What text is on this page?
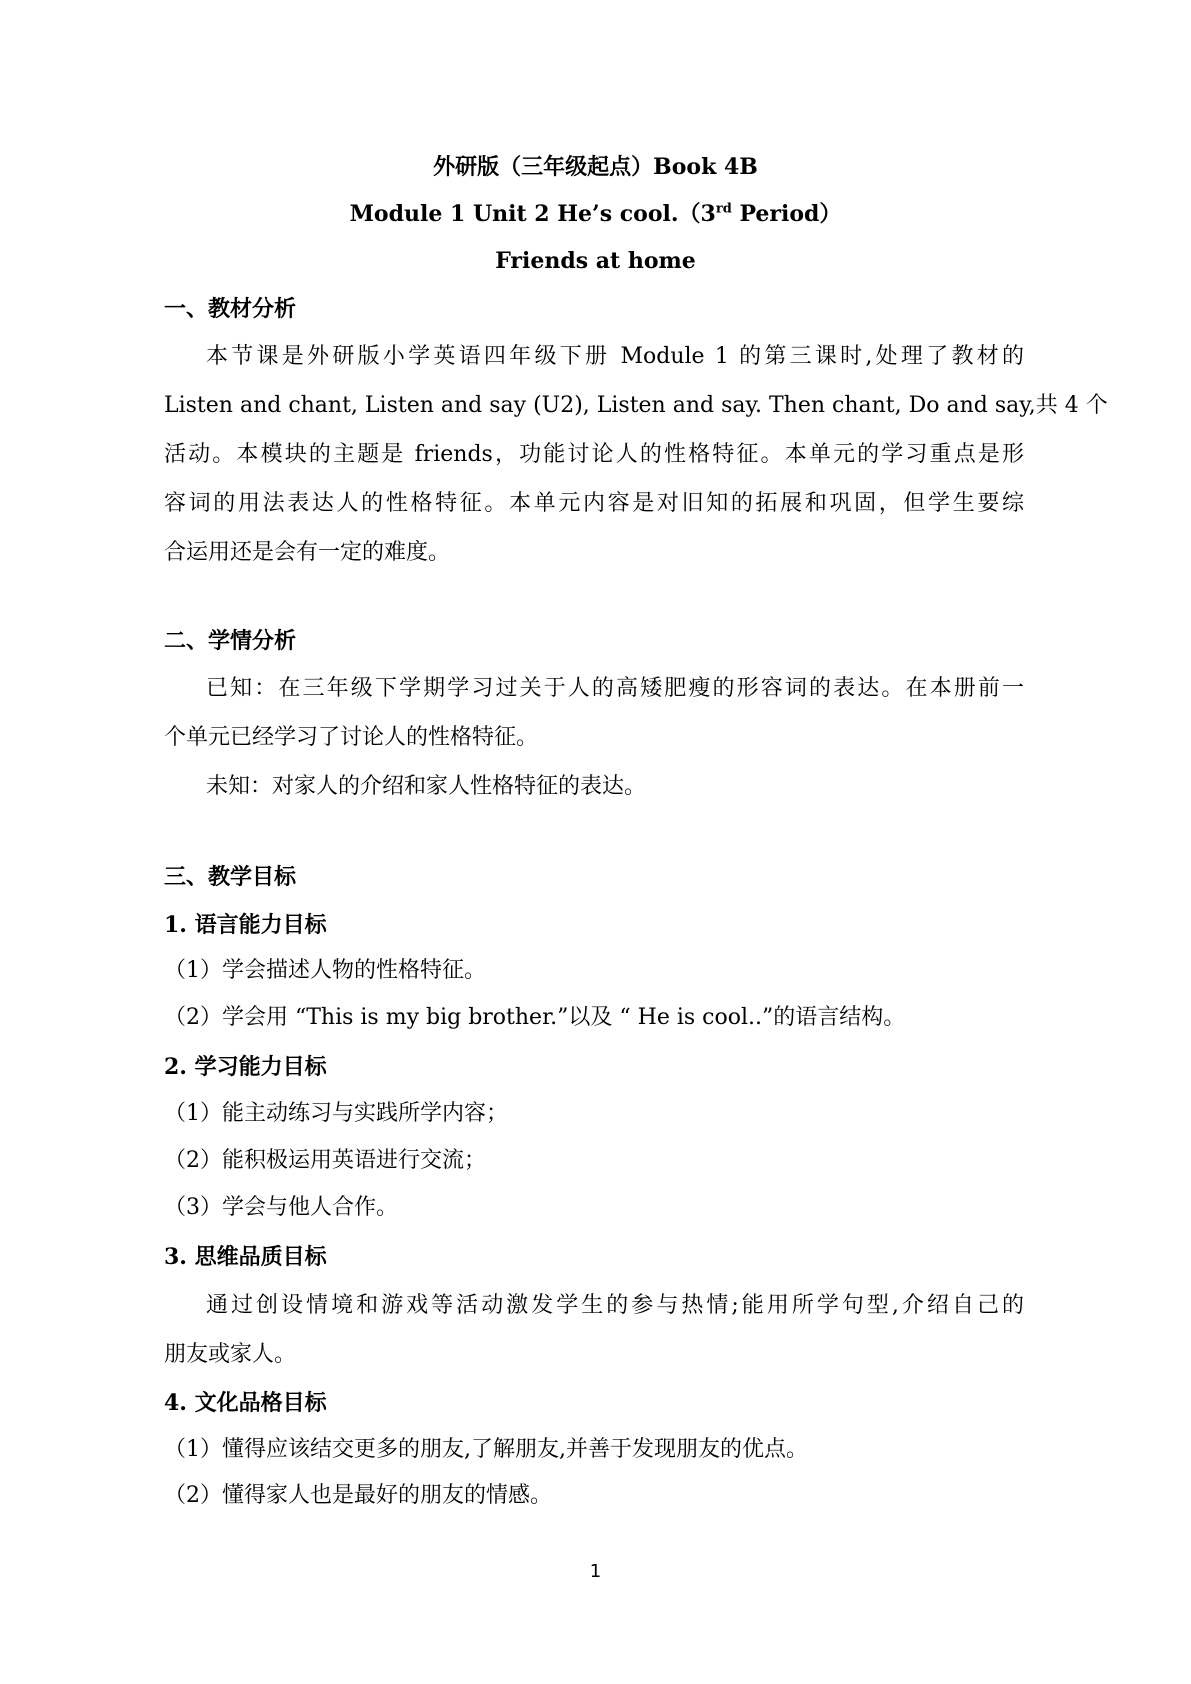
外研版（三年级起点）Book 4B
Module 1 Unit 2 He’s cool.（3rd Period）
Friends at home
一、教材分析
本节课是外研版小学英语四年级下册 Module 1 的第三课时,处理了教材的
Listen and chant, Listen and say (U2), Listen and say. Then chant, Do and say,共 4 个
活动。本模块的主题是 friends，功能讨论人的性格特征。本单元的学习重点是形
容词的用法表达人的性格特征。本单元内容是对旧知的拓展和巩固，但学生要综
合运用还是会有一定的难度。
二、学情分析
已知：在三年级下学期学习过关于人的高矮肥瘦的形容词的表达。在本册前一
个单元已经学习了讨论人的性格特征。
未知：对家人的介绍和家人性格特征的表达。
三、教学目标
1. 语言能力目标
（1）学会描述人物的性格特征。
（2）学会用 “This is my big brother.”以及 “ He is cool..”的语言结构。
2. 学习能力目标
（1）能主动练习与实践所学内容；
（2）能积极运用英语进行交流；
（3）学会与他人合作。
3. 思维品质目标
通过创设情境和游戏等活动激发学生的参与热情;能用所学句型,介绍自己的
朋友或家人。
4. 文化品格目标
（1）懂得应该结交更多的朋友,了解朋友,并善于发现朋友的优点。
（2）懂得家人也是最好的朋友的情感。
1
